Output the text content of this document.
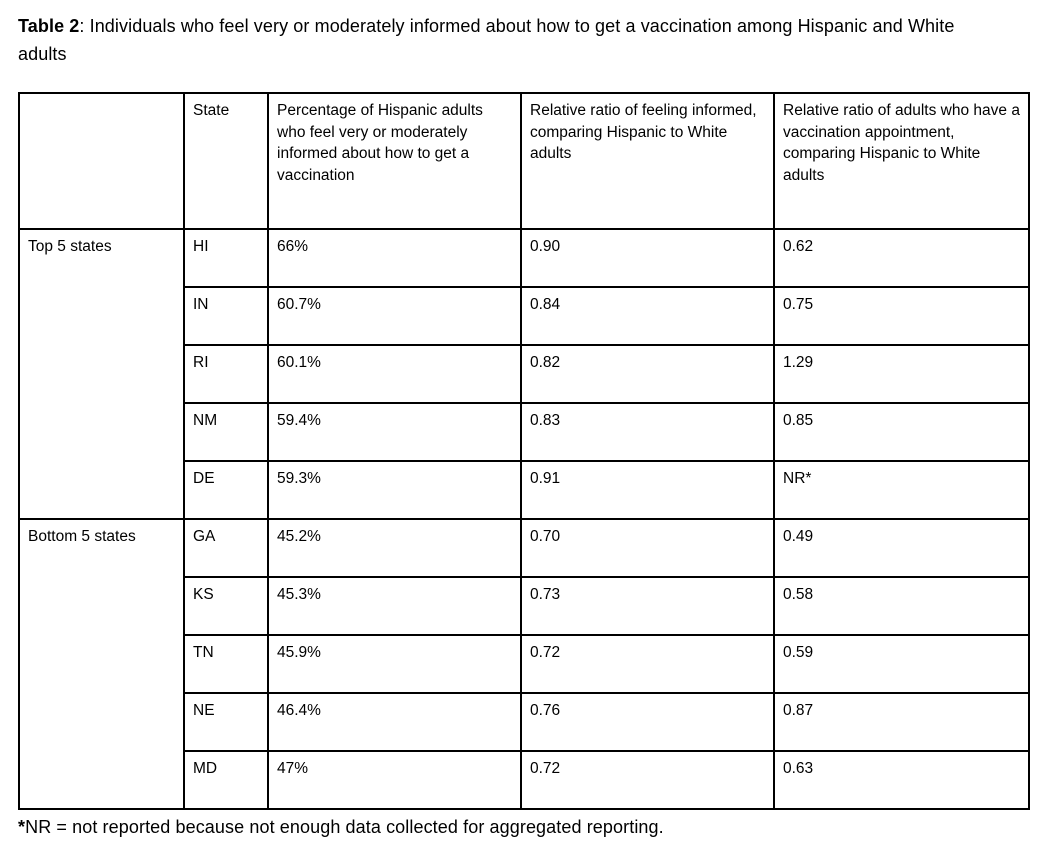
Table 2: Individuals who feel very or moderately informed about how to get a vaccination among Hispanic and White adults
	State	Percentage of Hispanic adults who feel very or moderately informed about how to get a vaccination	Relative ratio of feeling informed, comparing Hispanic to White adults	Relative ratio of adults who have a vaccination appointment, comparing Hispanic to White adults
Top 5 states	HI	66%	0.90	0.62
	IN	60.7%	0.84	0.75
	RI	60.1%	0.82	1.29
	NM	59.4%	0.83	0.85
	DE	59.3%	0.91	NR*
Bottom 5 states	GA	45.2%	0.70	0.49
	KS	45.3%	0.73	0.58
	TN	45.9%	0.72	0.59
	NE	46.4%	0.76	0.87
	MD	47%	0.72	0.63
*NR = not reported because not enough data collected for aggregated reporting.
